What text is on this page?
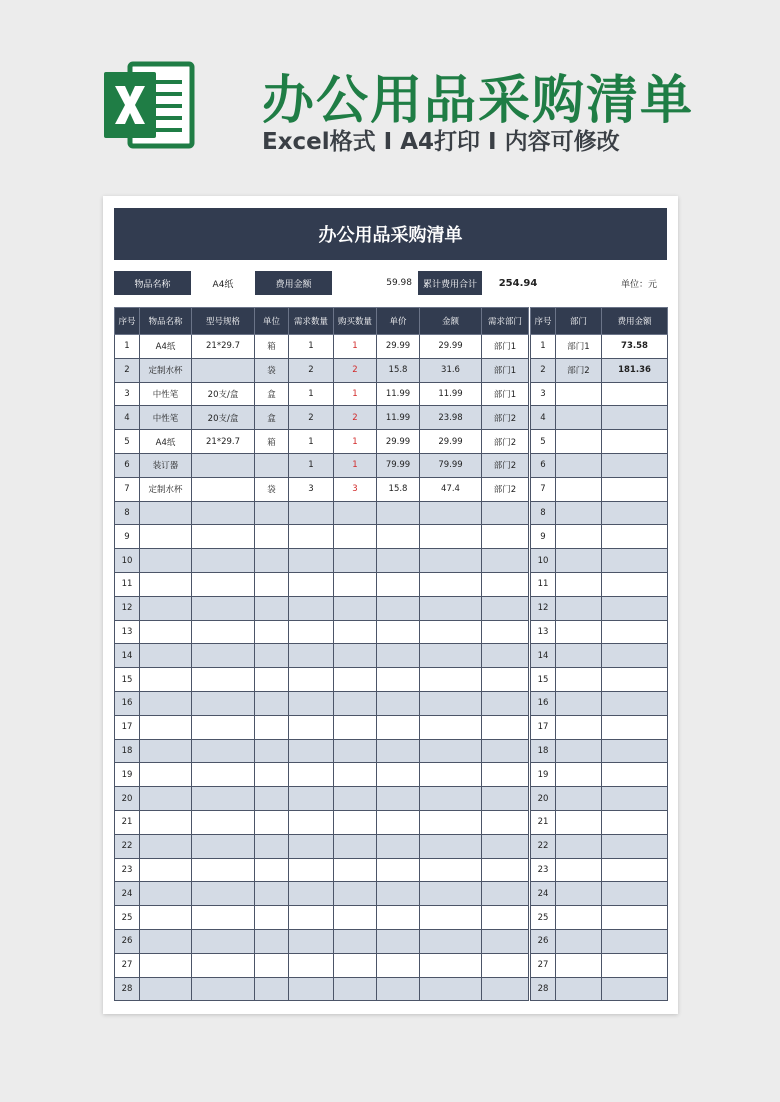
办公用品采购清单
Excel格式 I A4打印 I 内容可修改
办公用品采购清单
物品名称	A4纸	费用金额	59.98	累计费用合计	254.94	单位：元
序号	物品名称	型号规格	单位	需求数量	购买数量	单价	金额	需求部门
1	A4纸	21*29.7	箱	1	1	29.99	29.99	部门1
2	定制水杯		袋	2	2	15.8	31.6	部门1
3	中性笔	20支/盒	盒	1	1	11.99	11.99	部门1
4	中性笔	20支/盒	盒	2	2	11.99	23.98	部门2
5	A4纸	21*29.7	箱	1	1	29.99	29.99	部门2
6	装订器			1	1	79.99	79.99	部门2
7	定制水杯		袋	3	3	15.8	47.4	部门2
8								
9								
10								
11								
12								
13								
14								
15								
16								
17								
18								
19								
20								
21								
22								
23								
24								
25								
26								
27								
28								
序号	部门	费用金额
1	部门1	73.58
2	部门2	181.36
3		
4		
5		
6		
7		
8		
9		
10		
11		
12		
13		
14		
15		
16		
17		
18		
19		
20		
21		
22		
23		
24		
25		
26		
27		
28		
